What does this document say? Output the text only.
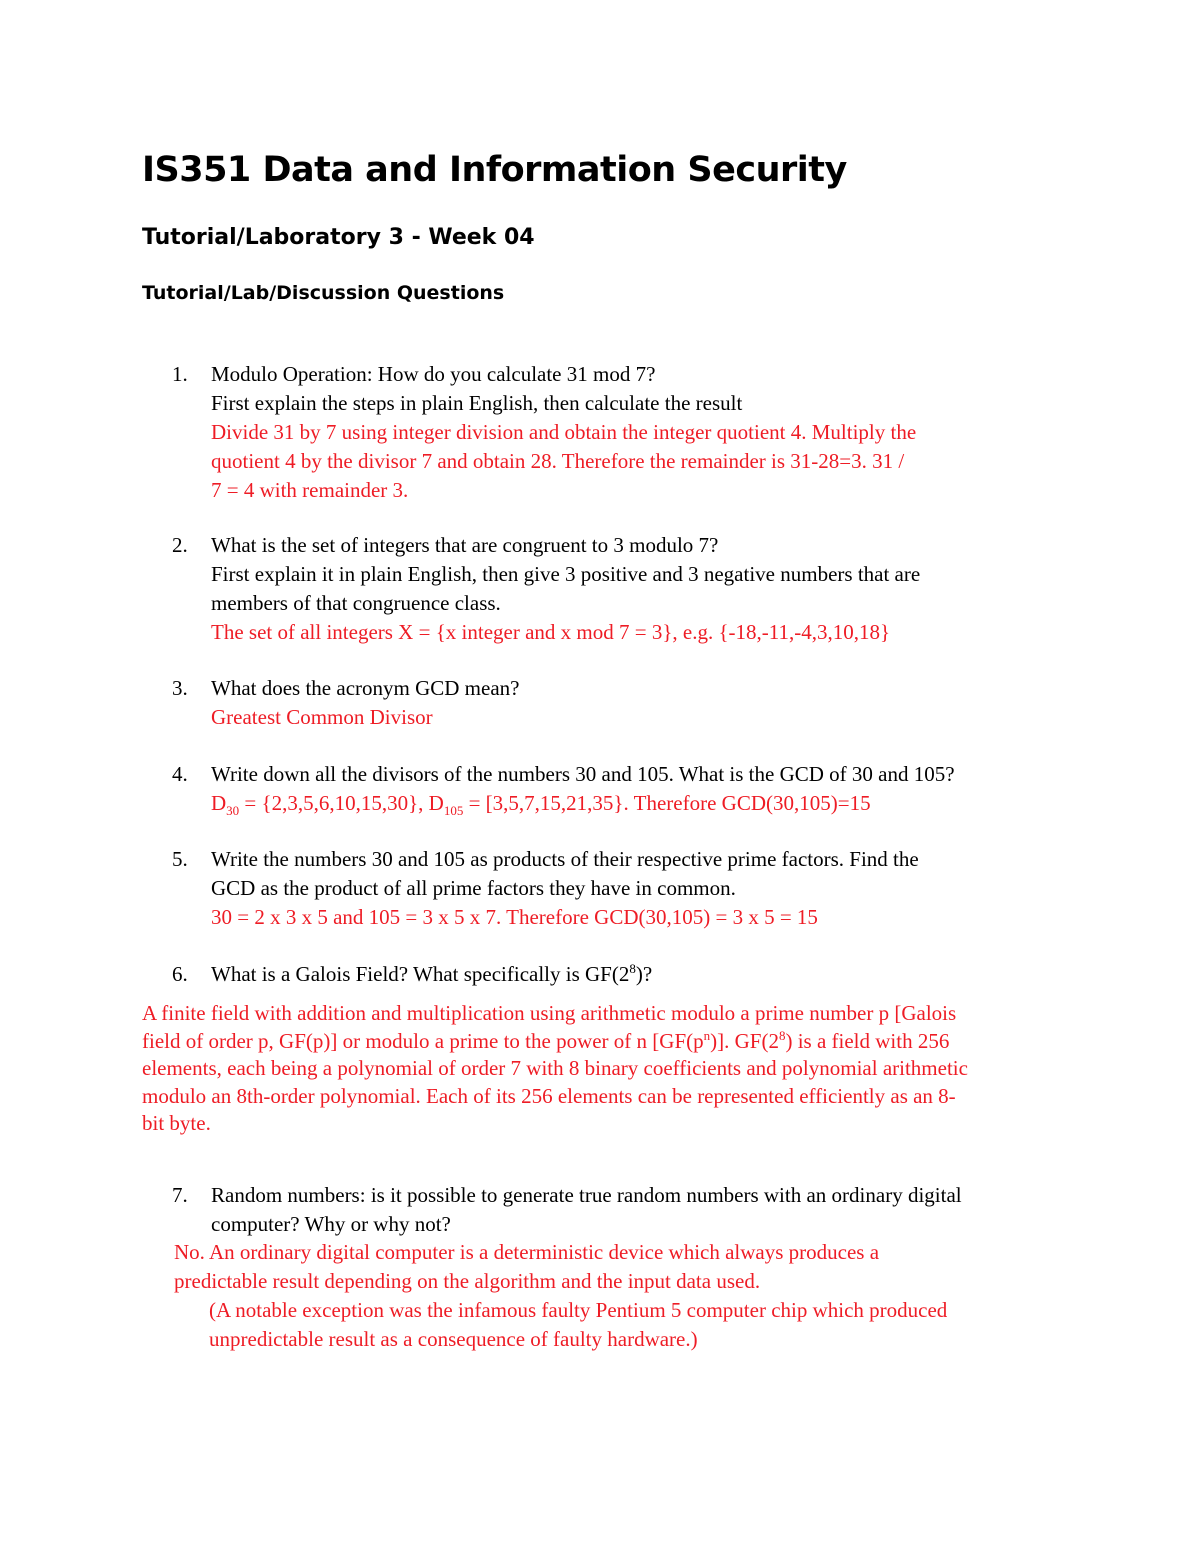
IS351 Data and Information Security
Tutorial/Laboratory 3 - Week 04
Tutorial/Lab/Discussion Questions
1. Modulo Operation: How do you calculate 31 mod 7?
First explain the steps in plain English, then calculate the result
Divide 31 by 7 using integer division and obtain the integer quotient 4. Multiply the
quotient 4 by the divisor 7 and obtain 28. Therefore the remainder is 31-28=3. 31 /
7 = 4 with remainder 3.
2. What is the set of integers that are congruent to 3 modulo 7?
First explain it in plain English, then give 3 positive and 3 negative numbers that are
members of that congruence class.
The set of all integers X = {x integer and x mod 7 = 3}, e.g. {-18,-11,-4,3,10,18}
3. What does the acronym GCD mean?
Greatest Common Divisor
4. Write down all the divisors of the numbers 30 and 105. What is the GCD of 30 and 105?
$D_{30} = \{2,3,5,6,10,15,30\}$, $D_{105} = [3,5,7,15,21,35\}$. Therefore GCD(30,105)=15
5. Write the numbers 30 and 105 as products of their respective prime factors. Find the
GCD as the product of all prime factors they have in common.
30 = 2 x 3 x 5 and 105 = 3 x 5 x 7. Therefore GCD(30,105) = 3 x 5 = 15
6. What is a Galois Field? What specifically is $GF(2^8)$?
A finite field with addition and multiplication using arithmetic modulo a prime number p [Galois
field of order p, GF(p)] or modulo a prime to the power of n $[GF(p^n)]$. $GF(2^8)$ is a field with 256
elements, each being a polynomial of order 7 with 8 binary coefficients and polynomial arithmetic
modulo an 8th-order polynomial. Each of its 256 elements can be represented efficiently as an 8-
bit byte.
7. Random numbers: is it possible to generate true random numbers with an ordinary digital
computer? Why or why not?
No. An ordinary digital computer is a deterministic device which always produces a
predictable result depending on the algorithm and the input data used.
(A notable exception was the infamous faulty Pentium 5 computer chip which produced
unpredictable result as a consequence of faulty hardware.)
